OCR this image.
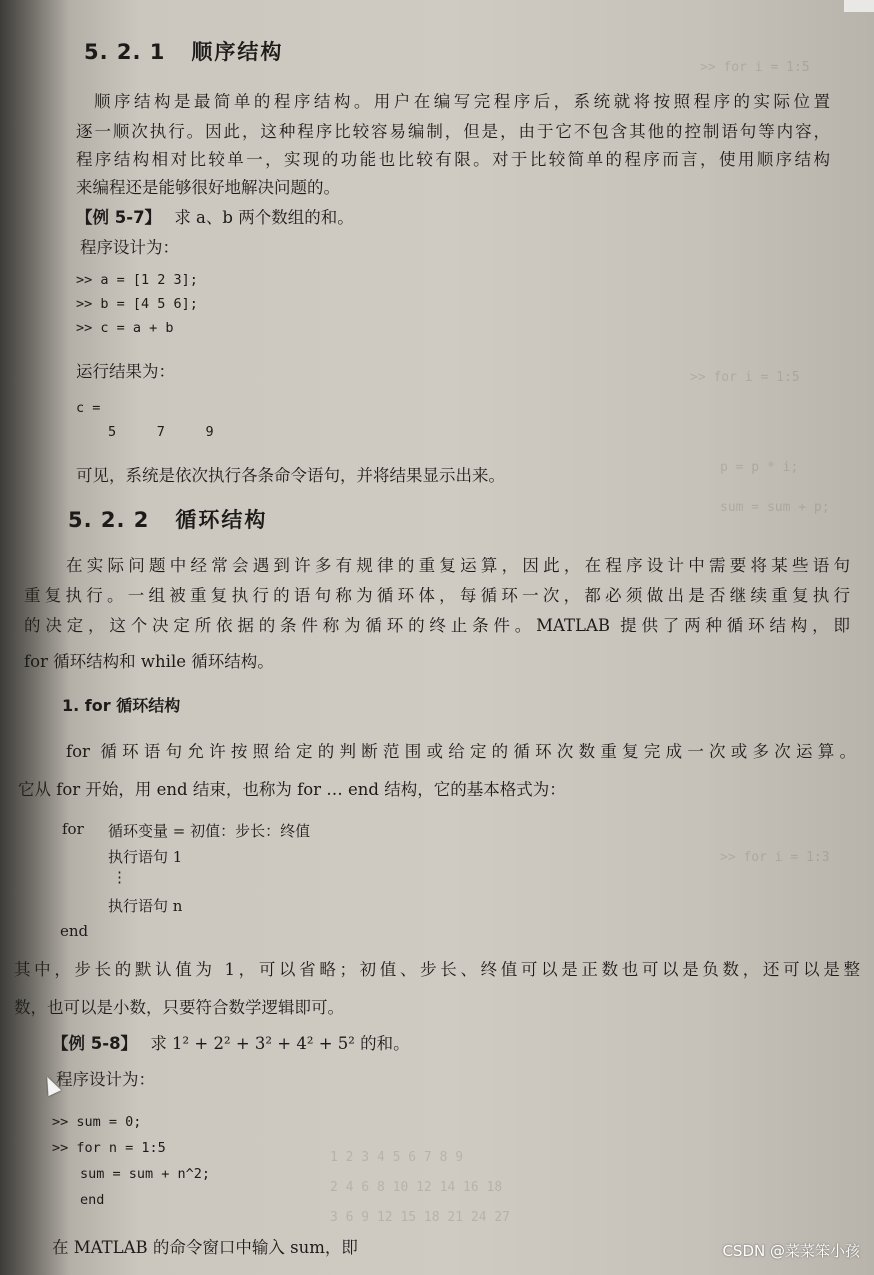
>> for i = 1:5
>> for i = 1:5
p = p * i;
sum = sum + p;
>> for i = 1:3
1 2 3 4 5 6 7 8 9
2 4 6 8 10 12 14 16 18
3 6 9 12 15 18 21 24 27
5. 2. 1 顺序结构
顺序结构是最简单的程序结构。用户在编写完程序后，系统就将按照程序的实际位置
逐一顺次执行。因此，这种程序比较容易编制，但是，由于它不包含其他的控制语句等内容，
程序结构相对比较单一，实现的功能也比较有限。对于比较简单的程序而言，使用顺序结构
来编程还是能够很好地解决问题的。
【例 5-7】 求 a、b 两个数组的和。
程序设计为：
>> a = [1 2 3];
>> b = [4 5 6];
>> c = a + b
运行结果为：
c =
5     7     9
可见，系统是依次执行各条命令语句，并将结果显示出来。
5. 2. 2 循环结构
在实际问题中经常会遇到许多有规律的重复运算，因此，在程序设计中需要将某些语句
重复执行。一组被重复执行的语句称为循环体，每循环一次，都必须做出是否继续重复执行
的决定，这个决定所依据的条件称为循环的终止条件。MATLAB 提供了两种循环结构，即
for 循环结构和 while 循环结构。
1. for 循环结构
for 循环语句允许按照给定的判断范围或给定的循环次数重复完成一次或多次运算。
它从 for 开始，用 end 结束，也称为 for … end 结构，它的基本格式为：
for 循环变量 = 初值：步长：终值
执行语句 1
⋮
执行语句 n
end
其中，步长的默认值为 1，可以省略；初值、步长、终值可以是正数也可以是负数，还可以是整
数，也可以是小数，只要符合数学逻辑即可。
【例 5-8】 求 1² + 2² + 3² + 4² + 5² 的和。
程序设计为：
>> sum = 0;
>> for n = 1:5
sum = sum + n^2;
end
在 MATLAB 的命令窗口中输入 sum，即	CSDN @菜菜笨小孩
